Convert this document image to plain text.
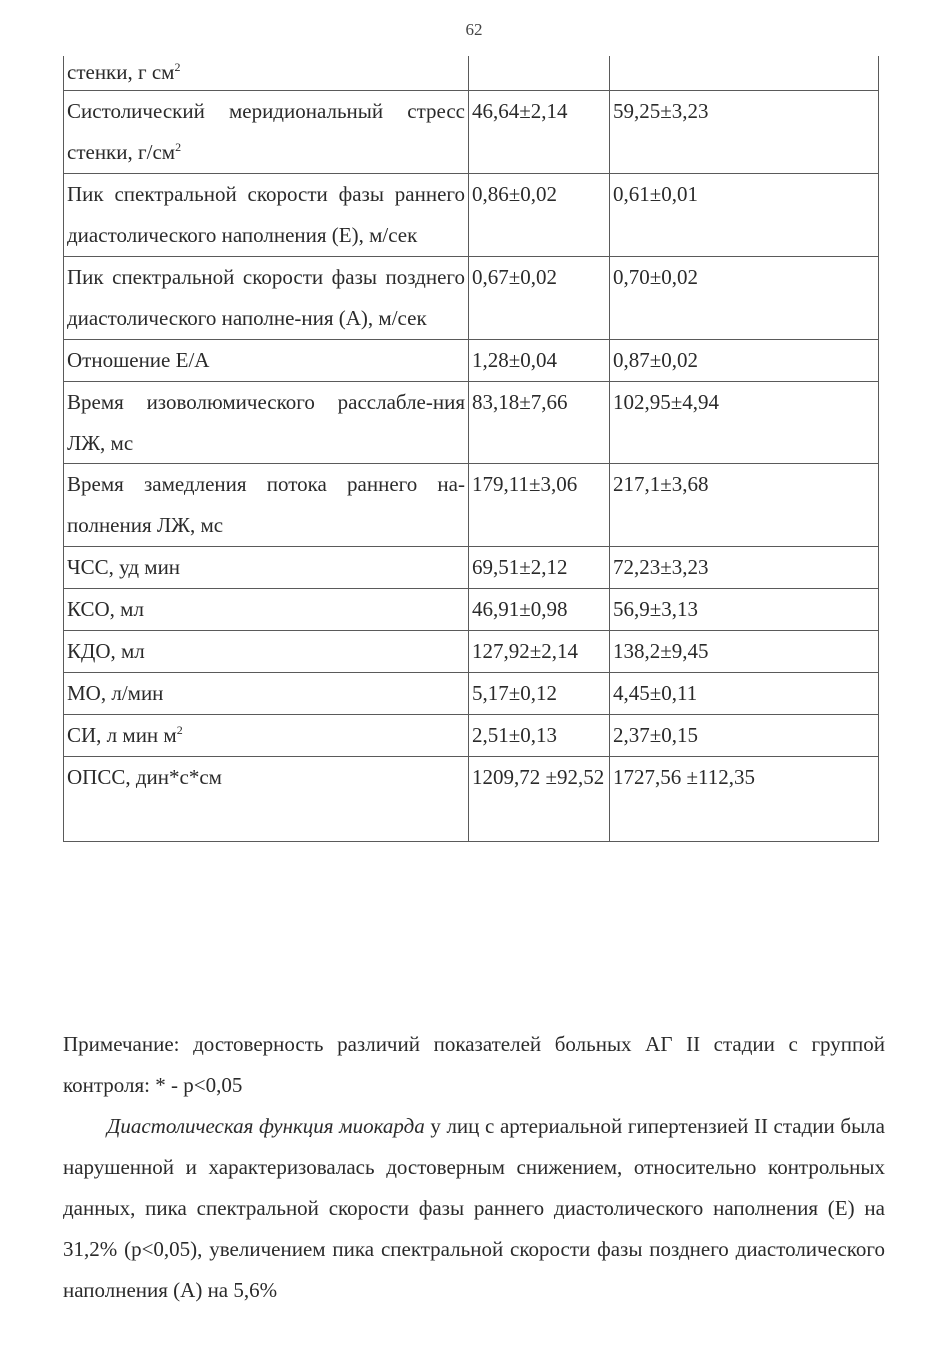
62
стенки, г $см^2$		
Систолический меридиональный стресс стенки, $г/см^2$	46,64±2,14	59,25±3,23
Пик спектральной скорости фазы раннего диастолического наполнения (Е), м/сек	0,86±0,02	0,61±0,01
Пик спектральной скорости фазы позднего диастолического наполне-ния (А), м/сек	0,67±0,02	0,70±0,02
Отношение Е/А	1,28±0,04	0,87±0,02
Время изоволюмического расслабле-ния ЛЖ, мс	83,18±7,66	102,95±4,94
Время замедления потока раннего на-полнения ЛЖ, мс	179,11±3,06	217,1±3,68
ЧСС, уд мин	69,51±2,12	72,23±3,23
КСО, мл	46,91±0,98	56,9±3,13
КДО, мл	127,92±2,14	138,2±9,45
МО, л/мин	5,17±0,12	4,45±0,11
СИ, л мин $м^2$	2,51±0,13	2,37±0,15
ОПСС, дин*с*см	1209,72 ±92,52	1727,56 ±112,35

Примечание: достоверность различий показателей больных АГ II стадии с группой контроля: * - р<0,05

Диастолическая функция миокарда у лиц с артериальной гипертензией II стадии была нарушенной и характеризовалась достоверным снижением, относительно контрольных данных, пика спектральной скорости фазы раннего диастолического наполнения (Е) на 31,2% (р<0,05), увеличением пика спектральной скорости фазы позднего диастолического наполнения (А) на 5,6%
